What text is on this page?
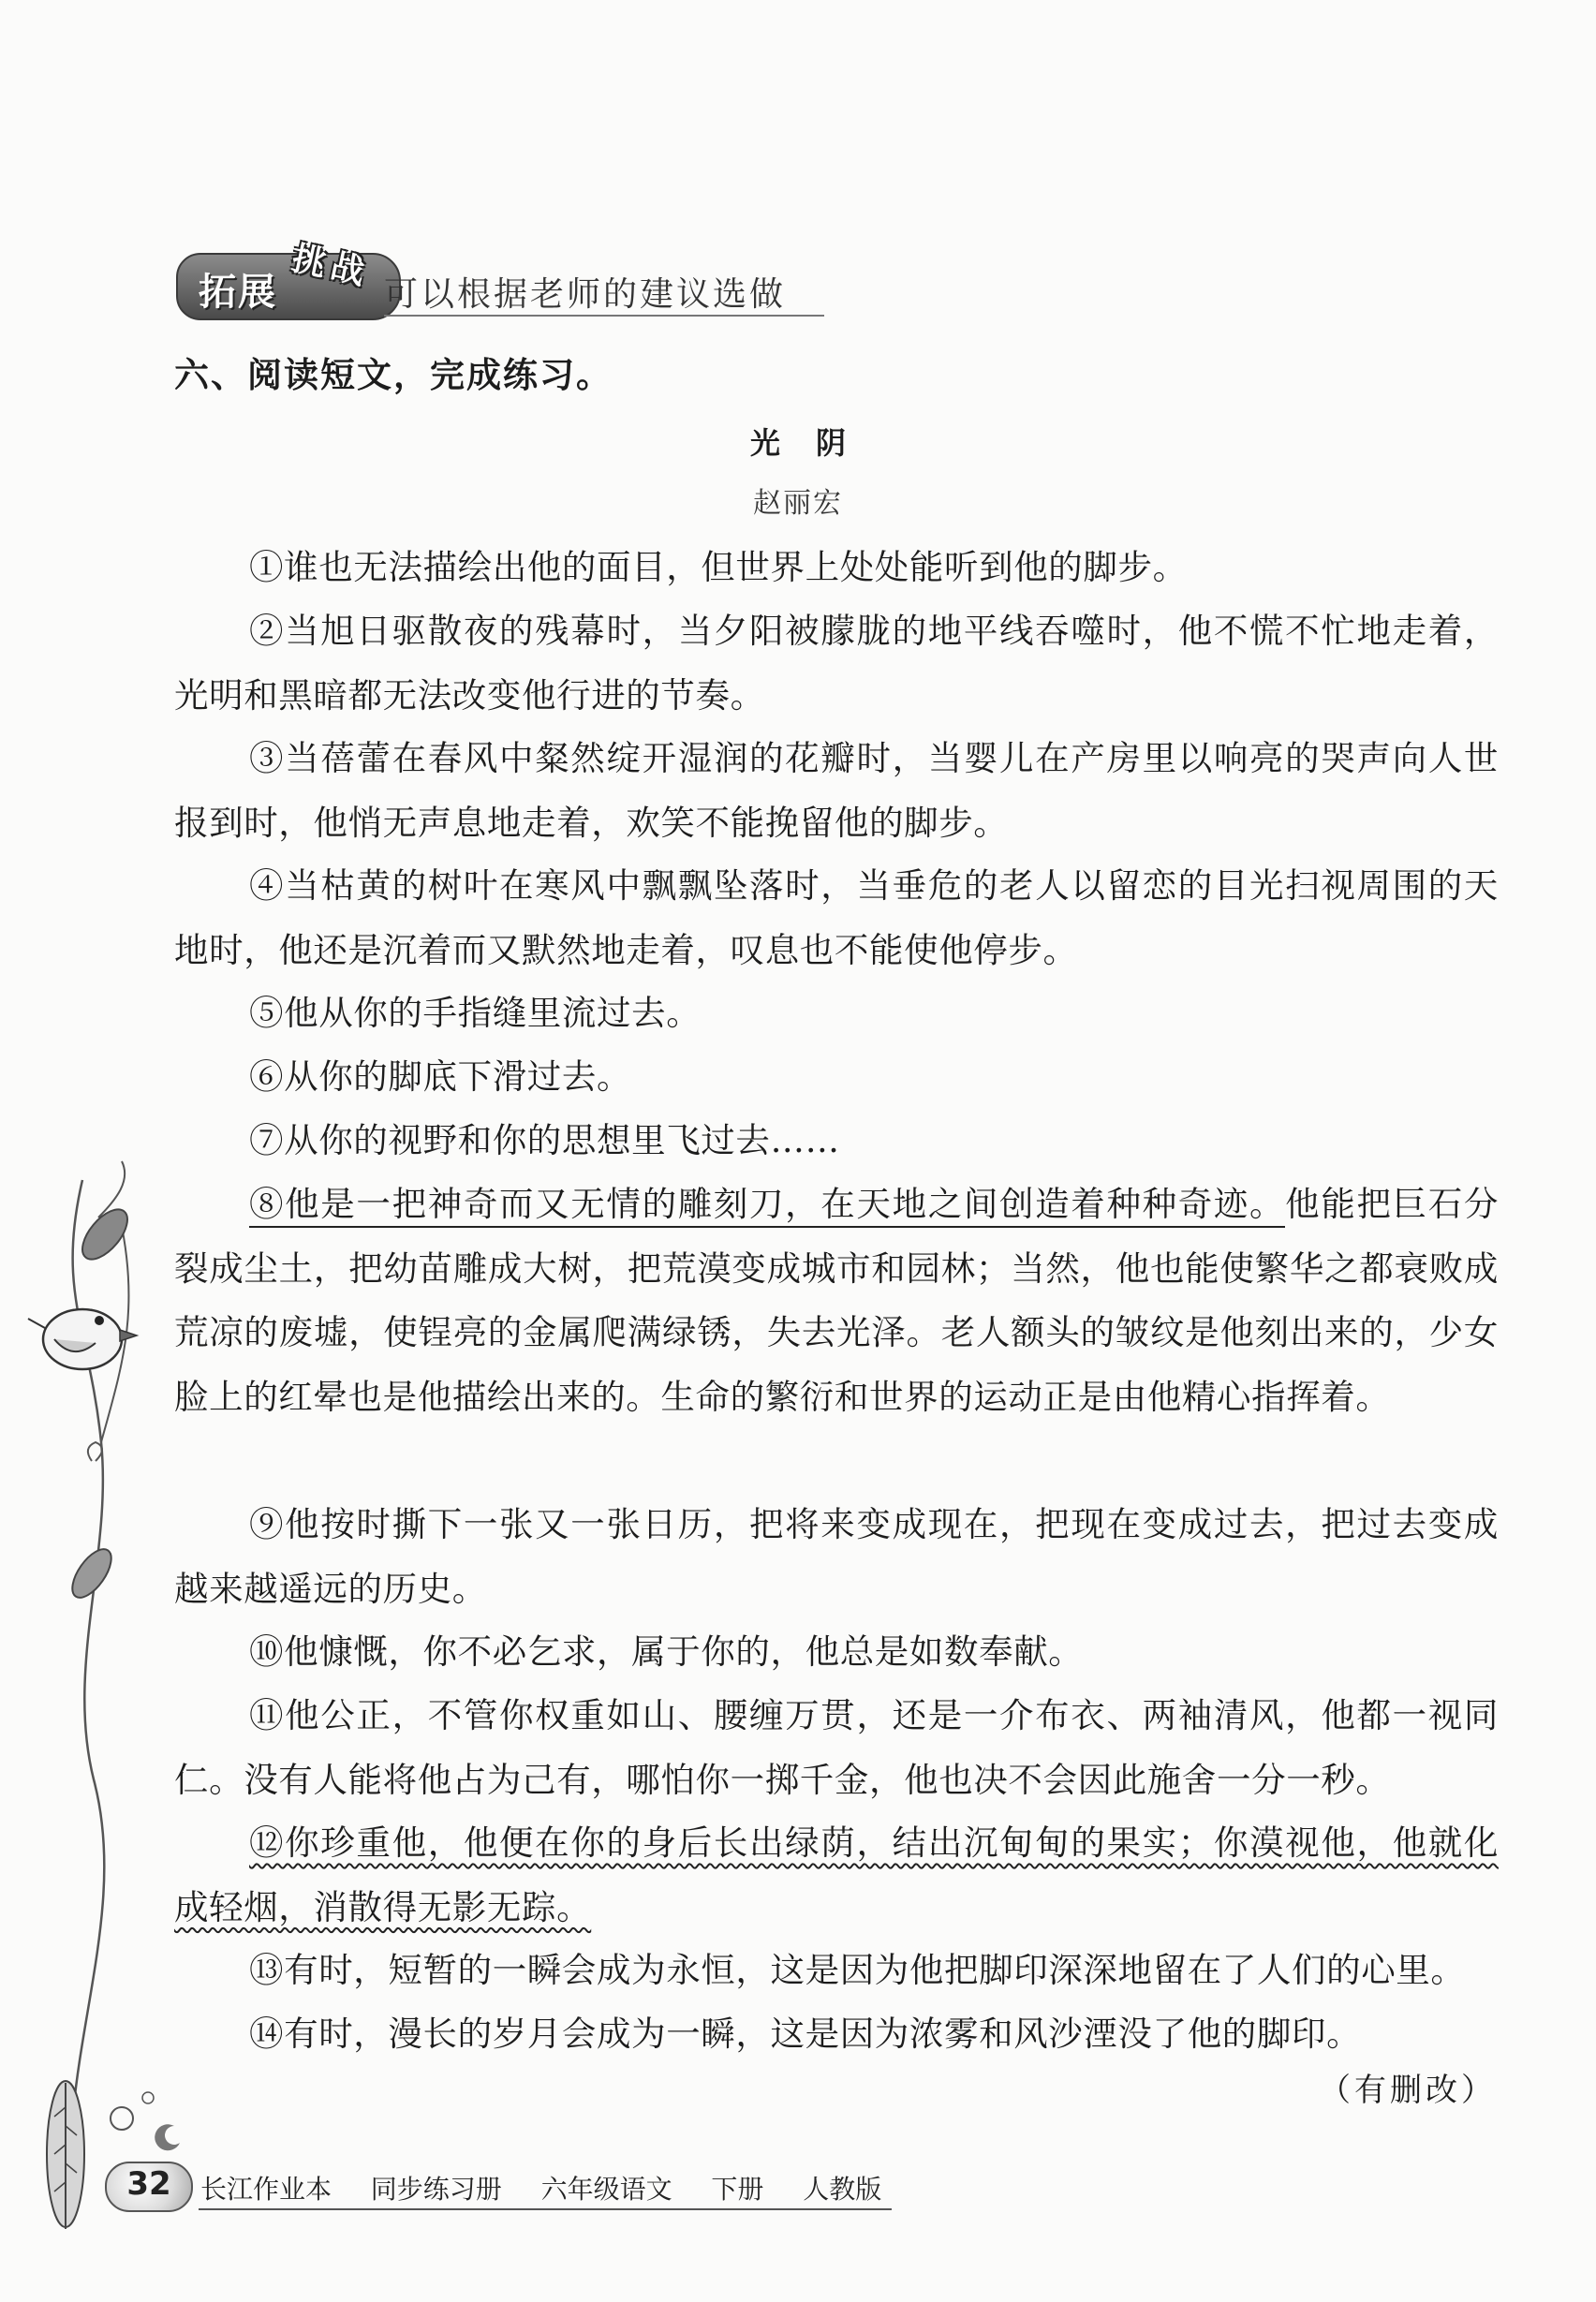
拓展 挑战
可以根据老师的建议选做
六、阅读短文，完成练习。
光阴
赵丽宏
①谁也无法描绘出他的面目，但世界上处处能听到他的脚步。
②当旭日驱散夜的残幕时，当夕阳被朦胧的地平线吞噬时，他不慌不忙地走着，光明和黑暗都无法改变他行进的节奏。
③当蓓蕾在春风中粲然绽开湿润的花瓣时，当婴儿在产房里以响亮的哭声向人世报到时，他悄无声息地走着，欢笑不能挽留他的脚步。
④当枯黄的树叶在寒风中飘飘坠落时，当垂危的老人以留恋的目光扫视周围的天地时，他还是沉着而又默然地走着，叹息也不能使他停步。
⑤他从你的手指缝里流过去。
⑥从你的脚底下滑过去。
⑦从你的视野和你的思想里飞过去……
⑧他是一把神奇而又无情的雕刻刀，在天地之间创造着种种奇迹。他能把巨石分裂成尘土，把幼苗雕成大树，把荒漠变成城市和园林；当然，他也能使繁华之都衰败成荒凉的废墟，使锃亮的金属爬满绿锈，失去光泽。老人额头的皱纹是他刻出来的，少女脸上的红晕也是他描绘出来的。生命的繁衍和世界的运动正是由他精心指挥着。
⑨他按时撕下一张又一张日历，把将来变成现在，把现在变成过去，把过去变成越来越遥远的历史。
⑩他慷慨，你不必乞求，属于你的，他总是如数奉献。
⑪他公正，不管你权重如山、腰缠万贯，还是一介布衣、两袖清风，他都一视同仁。没有人能将他占为己有，哪怕你一掷千金，他也决不会因此施舍一分一秒。
⑫你珍重他，他便在你的身后长出绿荫，结出沉甸甸的果实；你漠视他，他就化成轻烟，消散得无影无踪。
⑬有时，短暂的一瞬会成为永恒，这是因为他把脚印深深地留在了人们的心里。
⑭有时，漫长的岁月会成为一瞬，这是因为浓雾和风沙湮没了他的脚印。
（有删改）
32	长江作业本  同步练习册  六年级语文  下册  人教版
